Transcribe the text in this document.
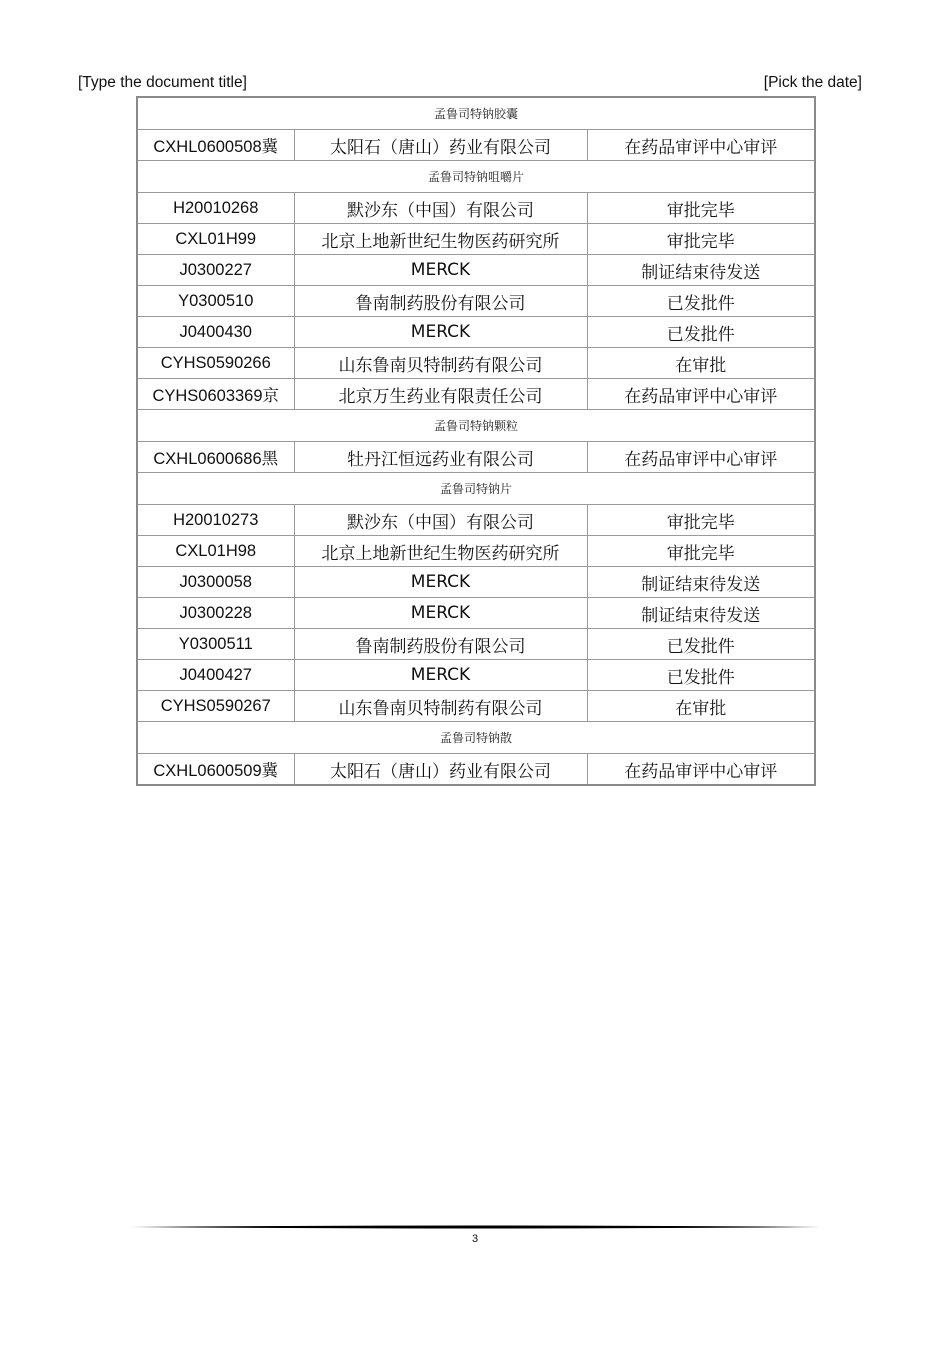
[Type the document title]	[Pick the date]
孟鲁司特钠胶囊		
CXHL0600508冀	太阳石（唐山）药业有限公司	在药品审评中心审评
孟鲁司特钠咀嚼片		
H20010268	默沙东（中国）有限公司	审批完毕
CXL01H99	北京上地新世纪生物医药研究所	审批完毕
J0300227	MERCK	制证结束待发送
Y0300510	鲁南制药股份有限公司	已发批件
J0400430	MERCK	已发批件
CYHS0590266	山东鲁南贝特制药有限公司	在审批
CYHS0603369京	北京万生药业有限责任公司	在药品审评中心审评
孟鲁司特钠颗粒		
CXHL0600686黑	牡丹江恒远药业有限公司	在药品审评中心审评
孟鲁司特钠片		
H20010273	默沙东（中国）有限公司	审批完毕
CXL01H98	北京上地新世纪生物医药研究所	审批完毕
J0300058	MERCK	制证结束待发送
J0300228	MERCK	制证结束待发送
Y0300511	鲁南制药股份有限公司	已发批件
J0400427	MERCK	已发批件
CYHS0590267	山东鲁南贝特制药有限公司	在审批
孟鲁司特钠散		
CXHL0600509冀	太阳石（唐山）药业有限公司	在药品审评中心审评
3
